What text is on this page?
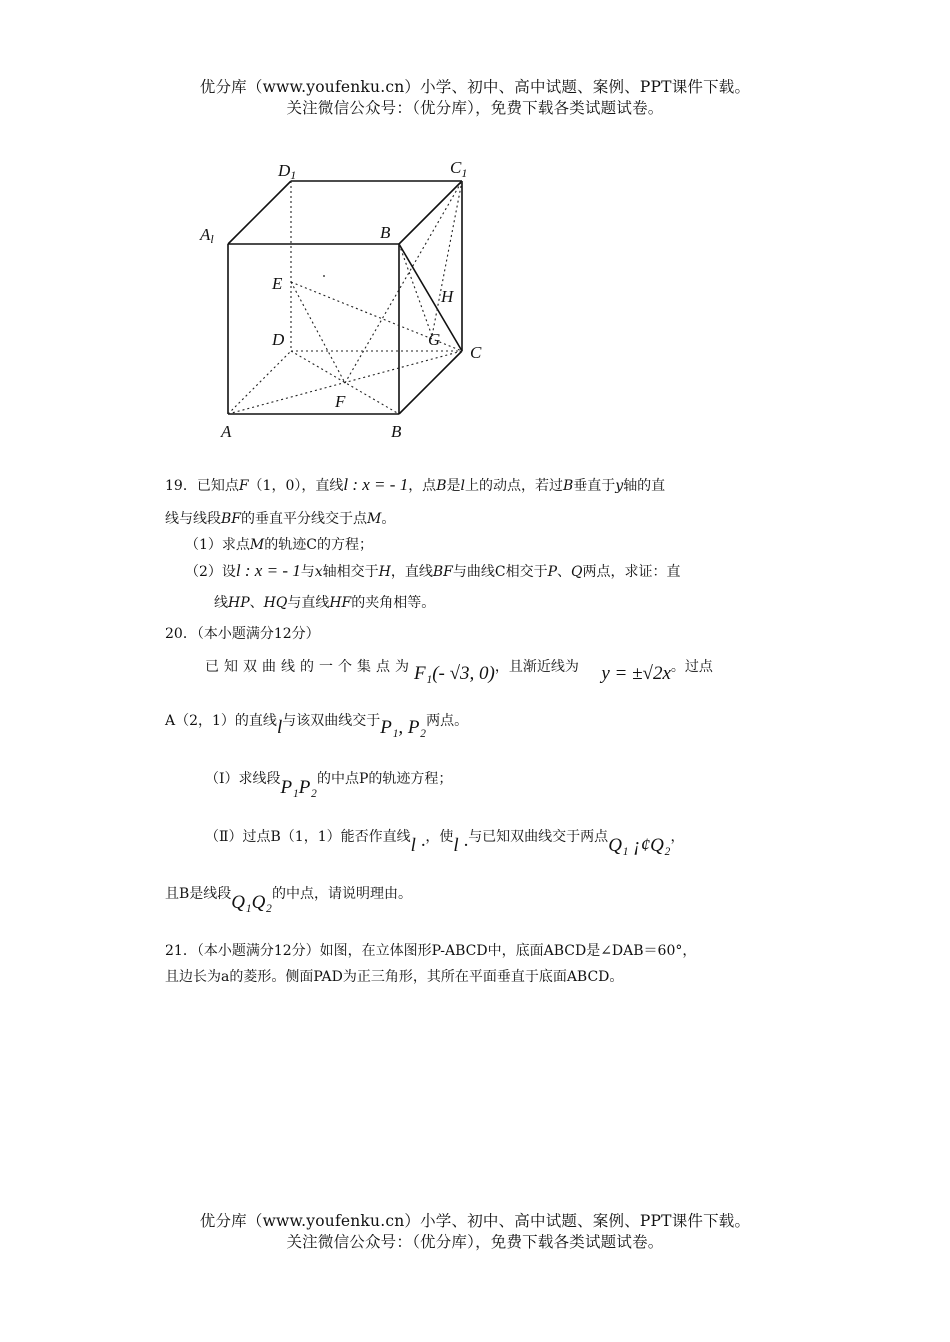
优分库（www.youfenku.cn）小学、初中、高中试题、案例、PPT课件下载。
关注微信公众号：（优分库），免费下载各类试题试卷。
D1	$C_1$
Al	B
E
H
D	G
C
F
A	B
19．已知点F（1，0），直线l : x = - 1，点B是l上的动点，若过B垂直于y轴的直
线与线段BF的垂直平分线交于点M。
（1）求点M的轨迹C的方程；
（2）设l : x = - 1与x轴相交于H，直线BF与曲线C相交于P、Q两点，求证：直
线HP、HQ与直线HF的夹角相等。
20．（本小题满分12分）
已知双曲线的一个集点为F₁(- √3, 0)，且渐近线为 y = ±√2x。过点
A（2，1）的直线l与该双曲线交于P₁, P₂两点。
（Ⅰ）求线段P₁P₂的中点P的轨迹方程；
（Ⅱ）过点B（1，1）能否作直线l ·，使l ·与已知双曲线交于两点Q₁ ¡¢Q₂，
且B是线段Q₁Q₂的中点，请说明理由。
21．（本小题满分12分）如图，在立体图形P-ABCD中，底面ABCD是∠DAB＝60°，
且边长为a的菱形。侧面PAD为正三角形，其所在平面垂直于底面ABCD。
优分库（www.youfenku.cn）小学、初中、高中试题、案例、PPT课件下载。
关注微信公众号：（优分库），免费下载各类试题试卷。
